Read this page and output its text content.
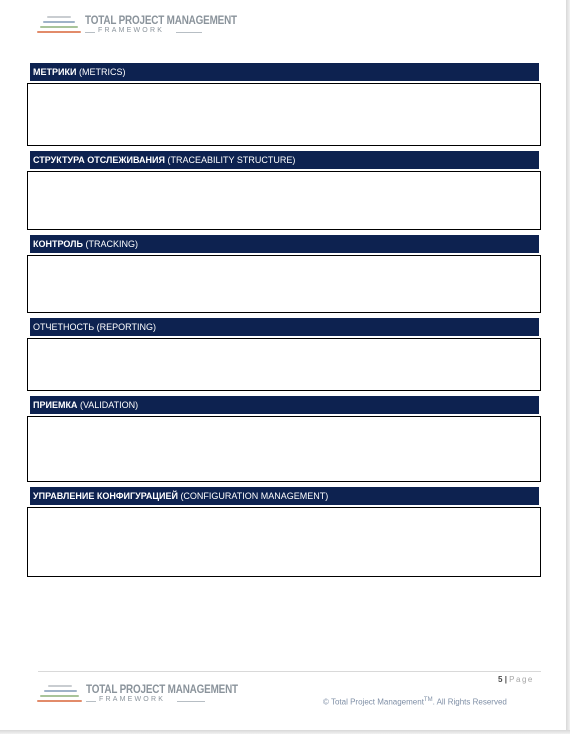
TOTAL PROJECT MANAGEMENT
FRAMEWORK
МЕТРИКИ (METRICS)
СТРУКТУРА ОТСЛЕЖИВАНИЯ (TRACEABILITY STRUCTURE)
КОНТРОЛЬ (TRACKING)
ОТЧЕТНОСТЬ (REPORTING)
ПРИЕМКА (VALIDATION)
УПРАВЛЕНИЕ КОНФИГУРАЦИЕЙ (CONFIGURATION MANAGEMENT)
5 | Page
TOTAL PROJECT MANAGEMENT
FRAMEWORK	© Total Project Management™. All Rights Reserved
